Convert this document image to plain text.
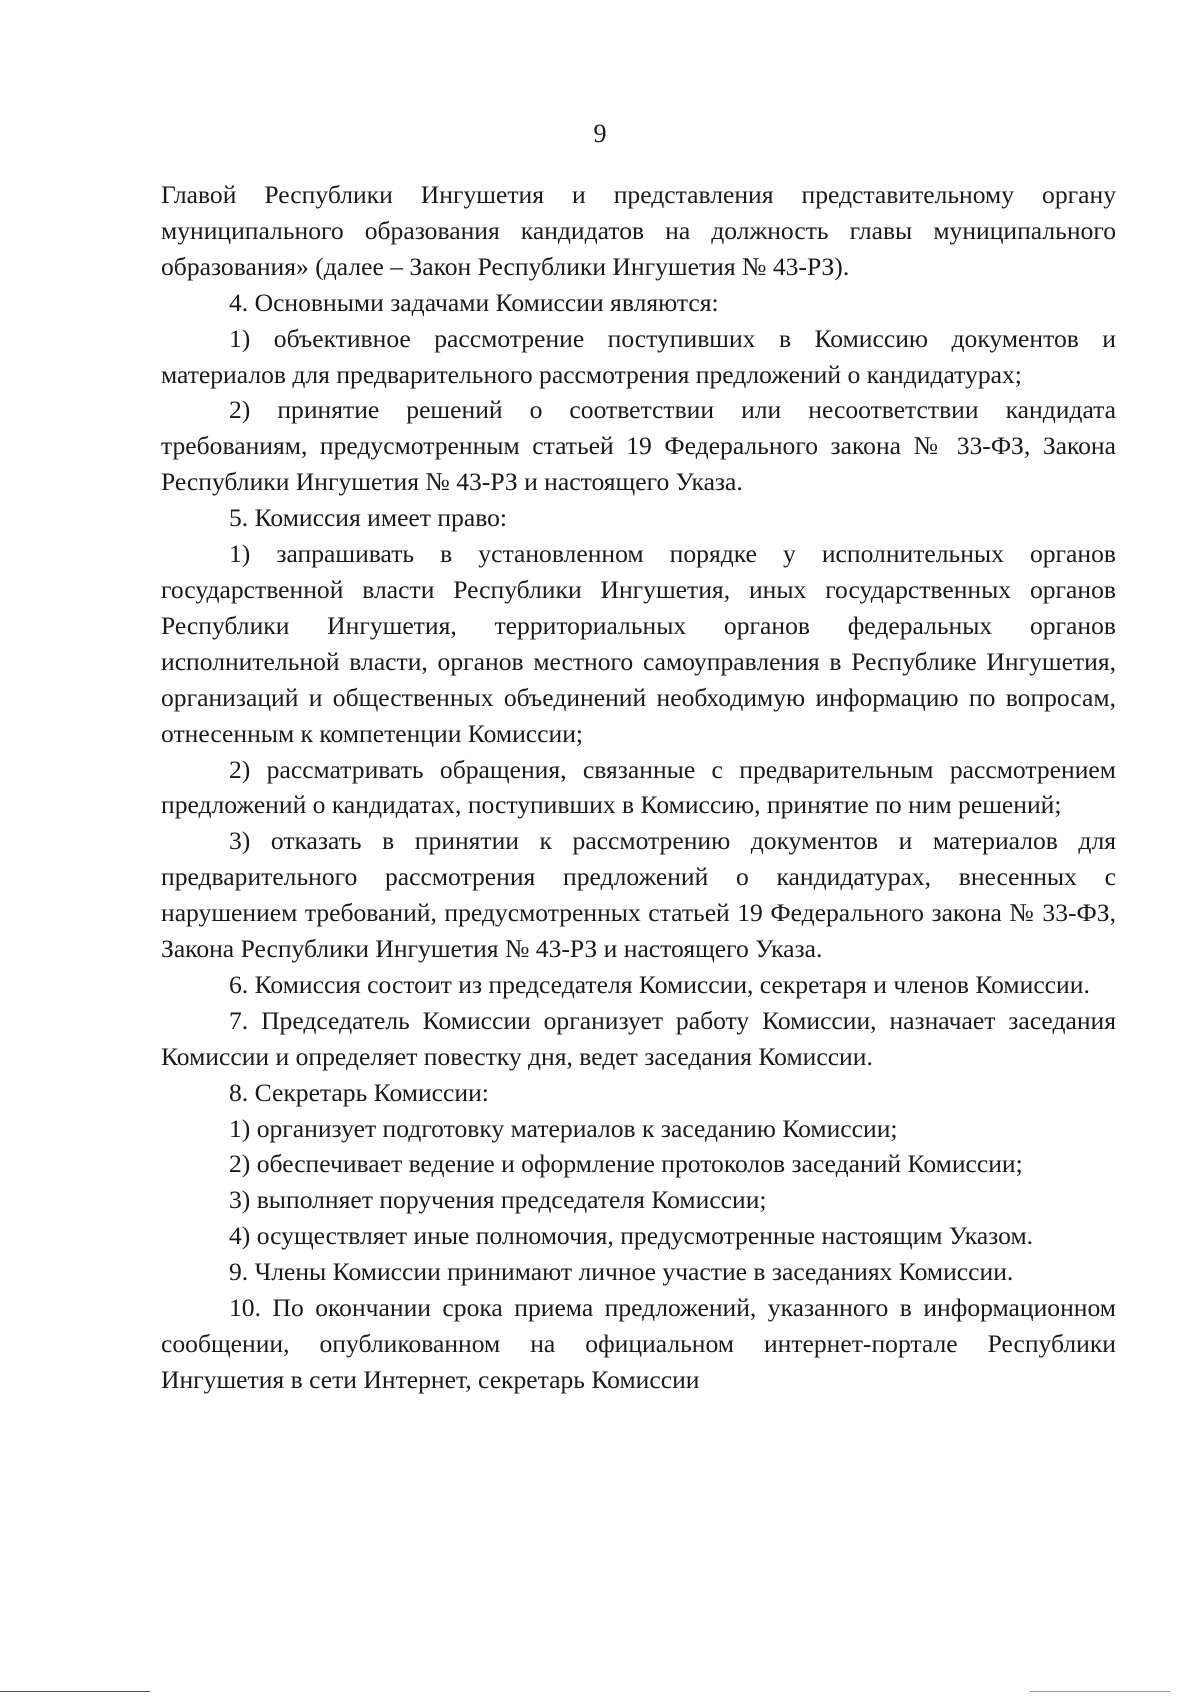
9

Главой Республики Ингушетия и представления представительному органу муниципального образования кандидатов на должность главы муниципального образования» (далее – Закон Республики Ингушетия № 43-РЗ).

4. Основными задачами Комиссии являются:

1) объективное рассмотрение поступивших в Комиссию документов и материалов для предварительного рассмотрения предложений о кандидатурах;

2) принятие решений о соответствии или несоответствии кандидата требованиям, предусмотренным статьей 19 Федерального закона № 33-ФЗ, Закона Республики Ингушетия № 43-РЗ и настоящего Указа.

5. Комиссия имеет право:

1) запрашивать в установленном порядке у исполнительных органов государственной власти Республики Ингушетия, иных государственных органов Республики Ингушетия, территориальных органов федеральных органов исполнительной власти, органов местного самоуправления в Республике Ингушетия, организаций и общественных объединений необходимую информацию по вопросам, отнесенным к компетенции Комиссии;

2) рассматривать обращения, связанные с предварительным рассмотрением предложений о кандидатах, поступивших в Комиссию, принятие по ним решений;

3) отказать в принятии к рассмотрению документов и материалов для предварительного рассмотрения предложений о кандидатурах, внесенных с нарушением требований, предусмотренных статьей 19 Федерального закона № 33-ФЗ, Закона Республики Ингушетия № 43-РЗ и настоящего Указа.

6. Комиссия состоит из председателя Комиссии, секретаря и членов Комиссии.

7. Председатель Комиссии организует работу Комиссии, назначает заседания Комиссии и определяет повестку дня, ведет заседания Комиссии.

8. Секретарь Комиссии:

1) организует подготовку материалов к заседанию Комиссии;

2) обеспечивает ведение и оформление протоколов заседаний Комиссии;

3) выполняет поручения председателя Комиссии;

4) осуществляет иные полномочия, предусмотренные настоящим Указом.

9. Члены Комиссии принимают личное участие в заседаниях Комиссии.

10. По окончании срока приема предложений, указанного в информационном сообщении, опубликованном на официальном интернет-портале Республики Ингушетия в сети Интернет, секретарь Комиссии
